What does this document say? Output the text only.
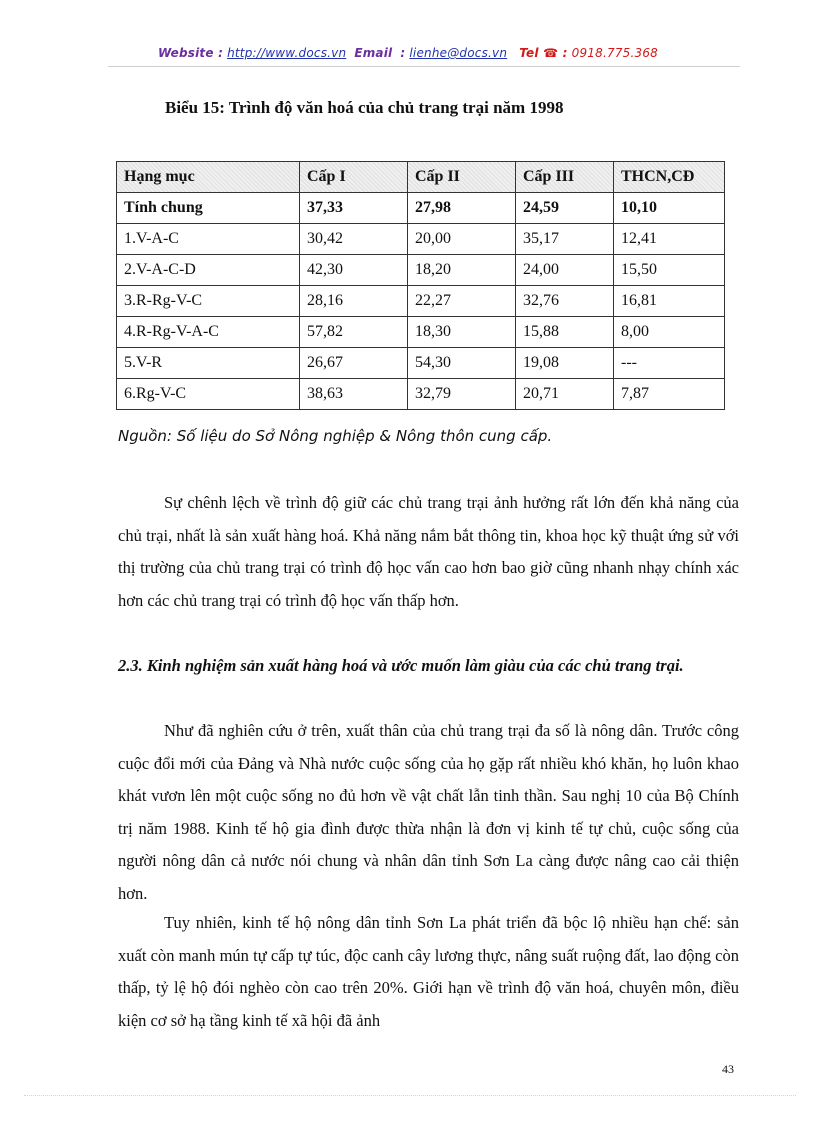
Website : http://www.docs.vn Email : lienhe@docs.vn Tel ☎ : 0918.775.368
Biểu 15: Trình độ văn hoá của chủ trang trại năm 1998
Hạng mục	Cấp I	Cấp II	Cấp III	THCN,CĐ
Tính chung	37,33	27,98	24,59	10,10
1.V-A-C	30,42	20,00	35,17	12,41
2.V-A-C-D	42,30	18,20	24,00	15,50
3.R-Rg-V-C	28,16	22,27	32,76	16,81
4.R-Rg-V-A-C	57,82	18,30	15,88	8,00
5.V-R	26,67	54,30	19,08	---
6.Rg-V-C	38,63	32,79	20,71	7,87
Nguồn: Số liệu do Sở Nông nghiệp & Nông thôn cung cấp.
Sự chênh lệch về trình độ giữ các chủ trang trại ảnh hưởng rất lớn đến khả năng của chủ trại, nhất là sản xuất hàng hoá. Khả năng nắm bắt thông tin, khoa học kỹ thuật ứng sử với thị trường của chủ trang trại có trình độ học vấn cao hơn bao giờ cũng nhanh nhạy chính xác hơn các chủ trang trại có trình độ học vấn thấp hơn.
2.3. Kinh nghiệm sản xuất hàng hoá và ước muốn làm giàu của các chủ trang trại.
Như đã nghiên cứu ở trên, xuất thân của chủ trang trại đa số là nông dân. Trước công cuộc đổi mới của Đảng và Nhà nước cuộc sống của họ gặp rất nhiều khó khăn, họ luôn khao khát vươn lên một cuộc sống no đủ hơn về vật chất lẫn tinh thần. Sau nghị 10 của Bộ Chính trị năm 1988. Kinh tế hộ gia đình được thừa nhận là đơn vị kinh tế tự chủ, cuộc sống của người nông dân cả nước nói chung và nhân dân tỉnh Sơn La càng được nâng cao cải thiện hơn.
Tuy nhiên, kinh tế hộ nông dân tỉnh Sơn La phát triển đã bộc lộ nhiều hạn chế: sản xuất còn manh mún tự cấp tự túc, độc canh cây lương thực, nâng suất ruộng đất, lao động còn thấp, tỷ lệ hộ đói nghèo còn cao trên 20%. Giới hạn về trình độ văn hoá, chuyên môn, điều kiện cơ sở hạ tầng kinh tế xã hội đã ảnh
43
